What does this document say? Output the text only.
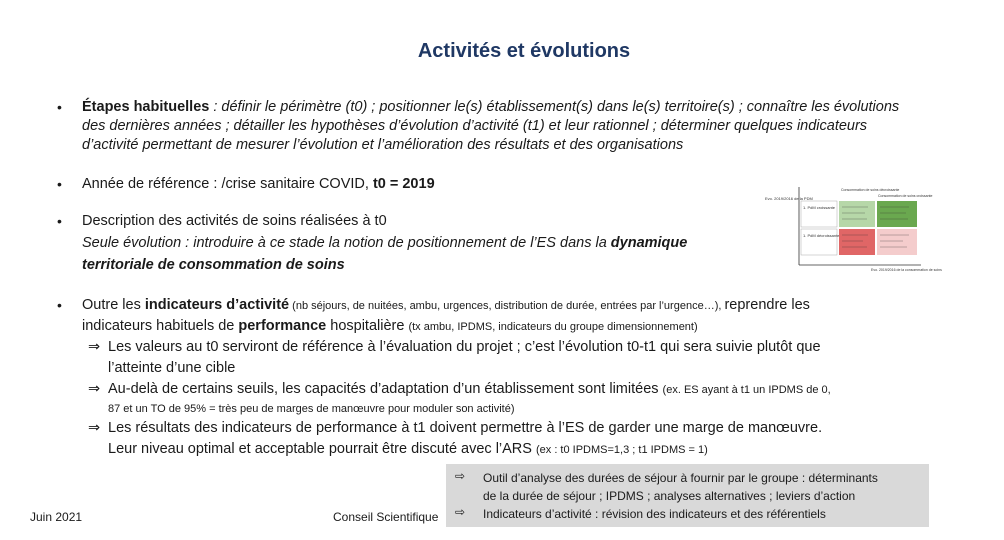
Activités et évolutions
• Étapes habituelles : définir le périmètre (t0) ; positionner le(s) établissement(s) dans le(s) territoire(s) ; connaître les évolutions
des dernières années ; détailler les hypothèses d’évolution d’activité (t1) et leur rationnel ; déterminer quelques indicateurs
d’activité permettant de mesurer l’évolution et l’amélioration des résultats et des organisations
• Année de référence : /crise sanitaire COVID, t0 = 2019
• Description des activités de soins réalisées à t0
Seule évolution : introduire à ce stade la notion de positionnement de l’ES dans la dynamique
territoriale de consommation de soins
Evo. 2019/2016 de la PDM
1. PdM croissante
1. PdM décroissante
Consommation de soins décroissante
Consommation de soins croissante
Evo. 2019/2016 de la consommation de soins
• Outre les indicateurs d’activité (nb séjours, de nuitées, ambu, urgences, distribution de durée, entrées par l’urgence…), reprendre les
indicateurs habituels de performance hospitalière (tx ambu, IPDMS, indicateurs du groupe dimensionnement)
⇒ Les valeurs au t0 serviront de référence à l’évaluation du projet ; c’est l’évolution t0-t1 qui sera suivie plutôt que
l’atteinte d’une cible
⇒ Au-delà de certains seuils, les capacités d’adaptation d’un établissement sont limitées (ex. ES ayant à t1 un IPDMS de 0,
87 et un TO de 95% = très peu de marges de manœuvre pour moduler son activité)
⇒ Les résultats des indicateurs de performance à t1 doivent permettre à l’ES de garder une marge de manœuvre.
Leur niveau optimal et acceptable pourrait être discuté avec l’ARS (ex : t0 IPDMS=1,3 ; t1 IPDMS = 1)
Juin 2021	Conseil Scientifique
⇨ Outil d’analyse des durées de séjour à fournir par le groupe : déterminants
de la durée de séjour ; IPDMS ; analyses alternatives ; leviers d’action
⇨ Indicateurs d’activité : révision des indicateurs et des référentiels
